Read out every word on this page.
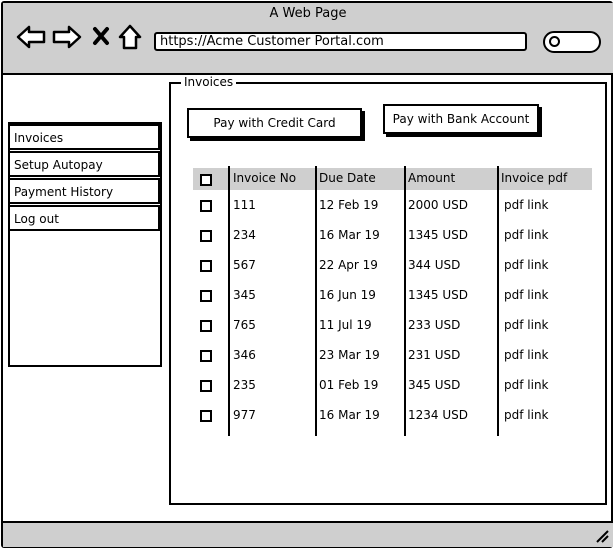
A Web Page
https://Acme Customer Portal.com
Invoices
Setup Autopay
Payment History
Log out
Invoices
Pay with Credit Card	Pay with Bank Account
Invoice No Due Date	Amount	Invoice pdf
111	12 Feb 19 2000 USD	pdf link
234	16 Mar 19 1345 USD	pdf link
567	22 Apr 19	344 USD	pdf link
345	16 Jun 19	1345 USD	pdf link
765	11 Jul 19	233 USD	pdf link
346	23 Mar 19 231 USD	pdf link
235	01 Feb 19 345 USD	pdf link
977	16 Mar 19 1234 USD	pdf link
